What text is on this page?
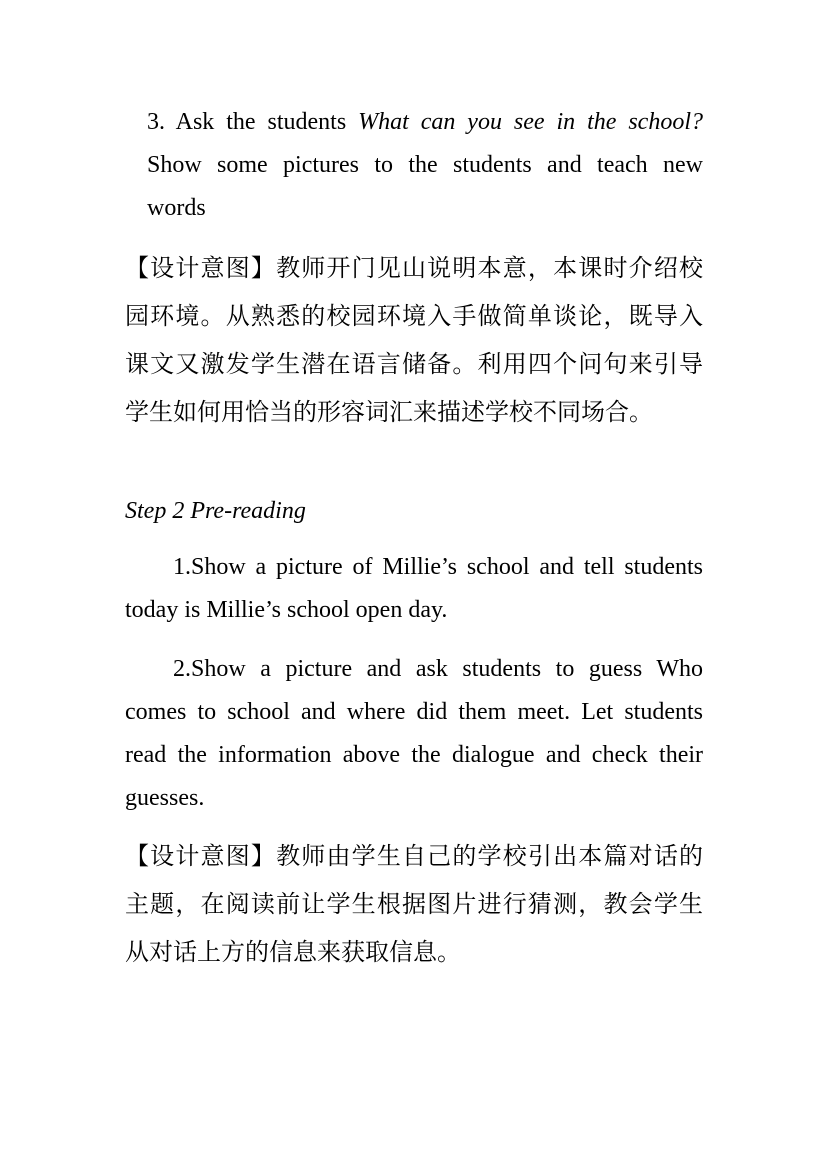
3. Ask the students What can you see in the school?
Show some pictures to the students and teach new
words
【设计意图】教师开门见山说明本意，本课时介绍校
园环境。从熟悉的校园环境入手做简单谈论，既导入
课文又激发学生潜在语言储备。利用四个问句来引导
学生如何用恰当的形容词汇来描述学校不同场合。
Step 2 Pre-reading
1.Show a picture of Millie’s school and tell students
today is Millie’s school open day.
2.Show a picture and ask students to guess Who
comes to school and where did them meet. Let students
read the information above the dialogue and check their
guesses.
【设计意图】教师由学生自己的学校引出本篇对话的
主题，在阅读前让学生根据图片进行猜测，教会学生
从对话上方的信息来获取信息。
